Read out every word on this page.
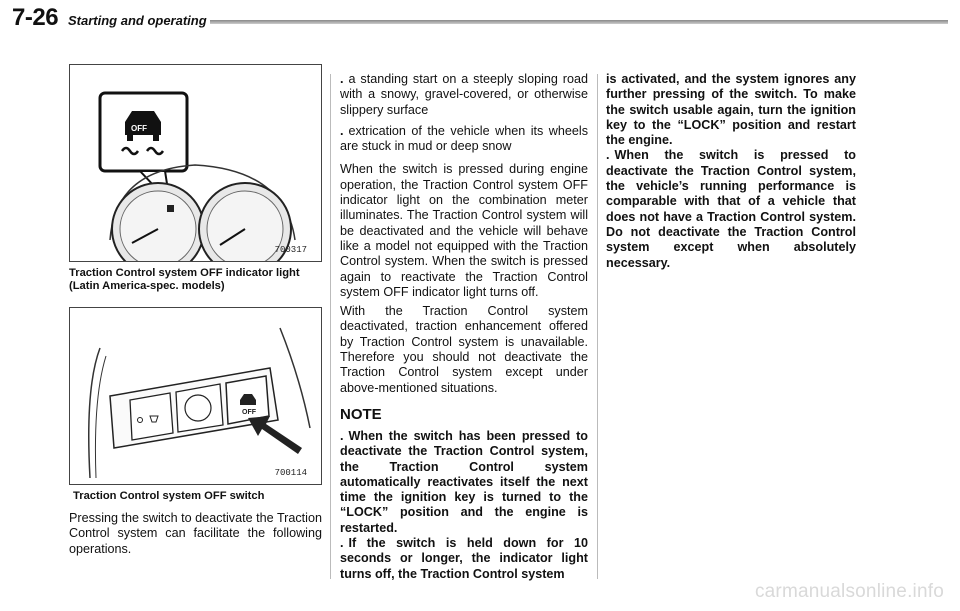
7-26 Starting and operating
OFF
700317
Traction Control system OFF indicator light (Latin America-spec. models)
OFF
700114
Traction Control system OFF switch

Pressing the switch to deactivate the Traction Control system can facilitate the following operations.

. a standing start on a steeply sloping road with a snowy, gravel-covered, or otherwise slippery surface
. extrication of the vehicle when its wheels are stuck in mud or deep snow

When the switch is pressed during engine operation, the Traction Control system OFF indicator light on the combination meter illuminates. The Traction Control system will be deactivated and the vehicle will behave like a model not equipped with the Traction Control system. When the switch is pressed again to reactivate the Traction Control system OFF indicator light turns off.

With the Traction Control system deactivated, traction enhancement offered by Traction Control system is unavailable. Therefore you should not deactivate the Traction Control system except under above-mentioned situations.

NOTE

. When the switch has been pressed to deactivate the Traction Control system, the Traction Control system automatically reactivates itself the next time the ignition key is turned to the “LOCK” position and the engine is restarted.

. If the switch is held down for 10 seconds or longer, the indicator light turns off, the Traction Control system

is activated, and the system ignores any further pressing of the switch. To make the switch usable again, turn the ignition key to the “LOCK” position and restart the engine.

. When the switch is pressed to deactivate the Traction Control system, the vehicle’s running performance is comparable with that of a vehicle that does not have a Traction Control system. Do not deactivate the Traction Control system except when absolutely necessary.

carmanualsonline.info
